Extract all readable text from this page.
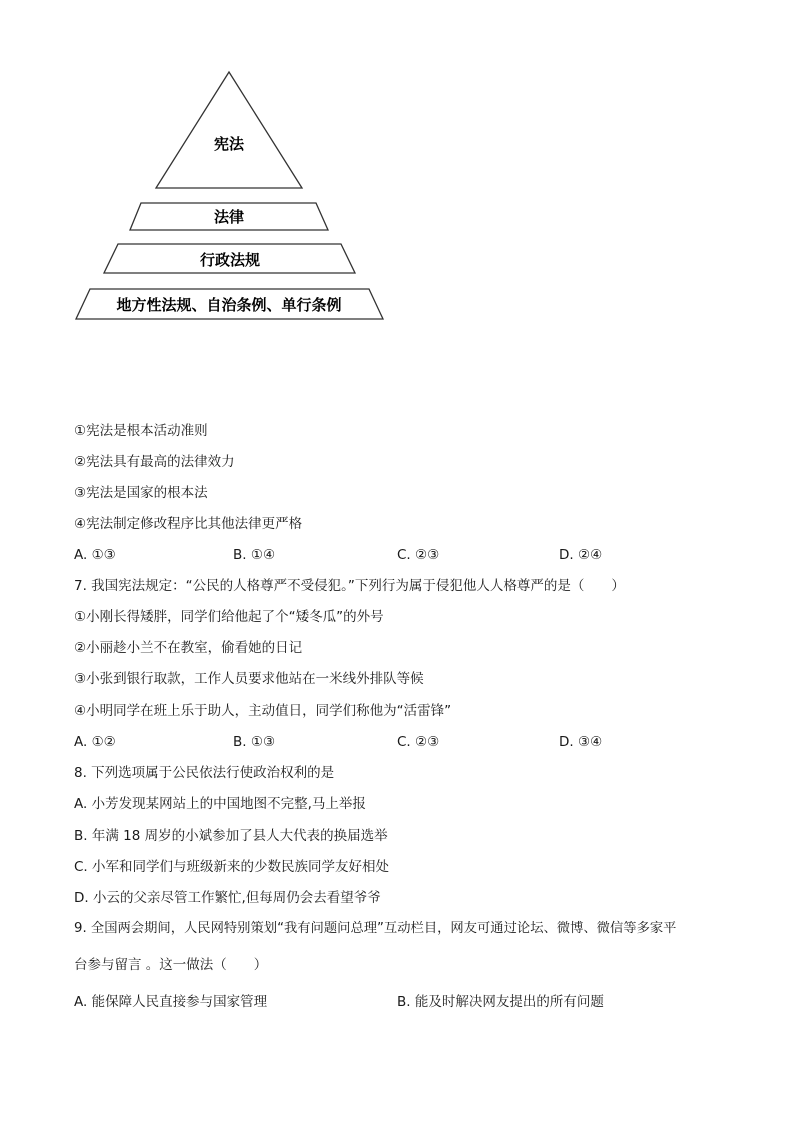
宪法
法律
行政法规
地方性法规、自治条例、单行条例
①宪法是根本活动准则
②宪法具有最高的法律效力
③宪法是国家的根本法
④宪法制定修改程序比其他法律更严格
A. ①③	B. ①④	C. ②③	D. ②④
7. 我国宪法规定：“公民的人格尊严不受侵犯。”下列行为属于侵犯他人人格尊严的是（　　）
①小刚长得矮胖，同学们给他起了个“矮冬瓜”的外号
②小丽趁小兰不在教室，偷看她的日记
③小张到银行取款，工作人员要求他站在一米线外排队等候
④小明同学在班上乐于助人，主动值日，同学们称他为“活雷锋”
A. ①②	B. ①③	C. ②③	D. ③④
8. 下列选项属于公民依法行使政治权利的是
A. 小芳发现某网站上的中国地图不完整,马上举报
B. 年满 18 周岁的小斌参加了县人大代表的换届选举
C. 小军和同学们与班级新来的少数民族同学友好相处
D. 小云的父亲尽管工作繁忙,但每周仍会去看望爷爷
9. 全国两会期间，人民网特别策划“我有问题问总理”互动栏目，网友可通过论坛、微博、微信等多家平
台参与留言 。这一做法（　　）
A. 能保障人民直接参与国家管理	B. 能及时解决网友提出的所有问题
